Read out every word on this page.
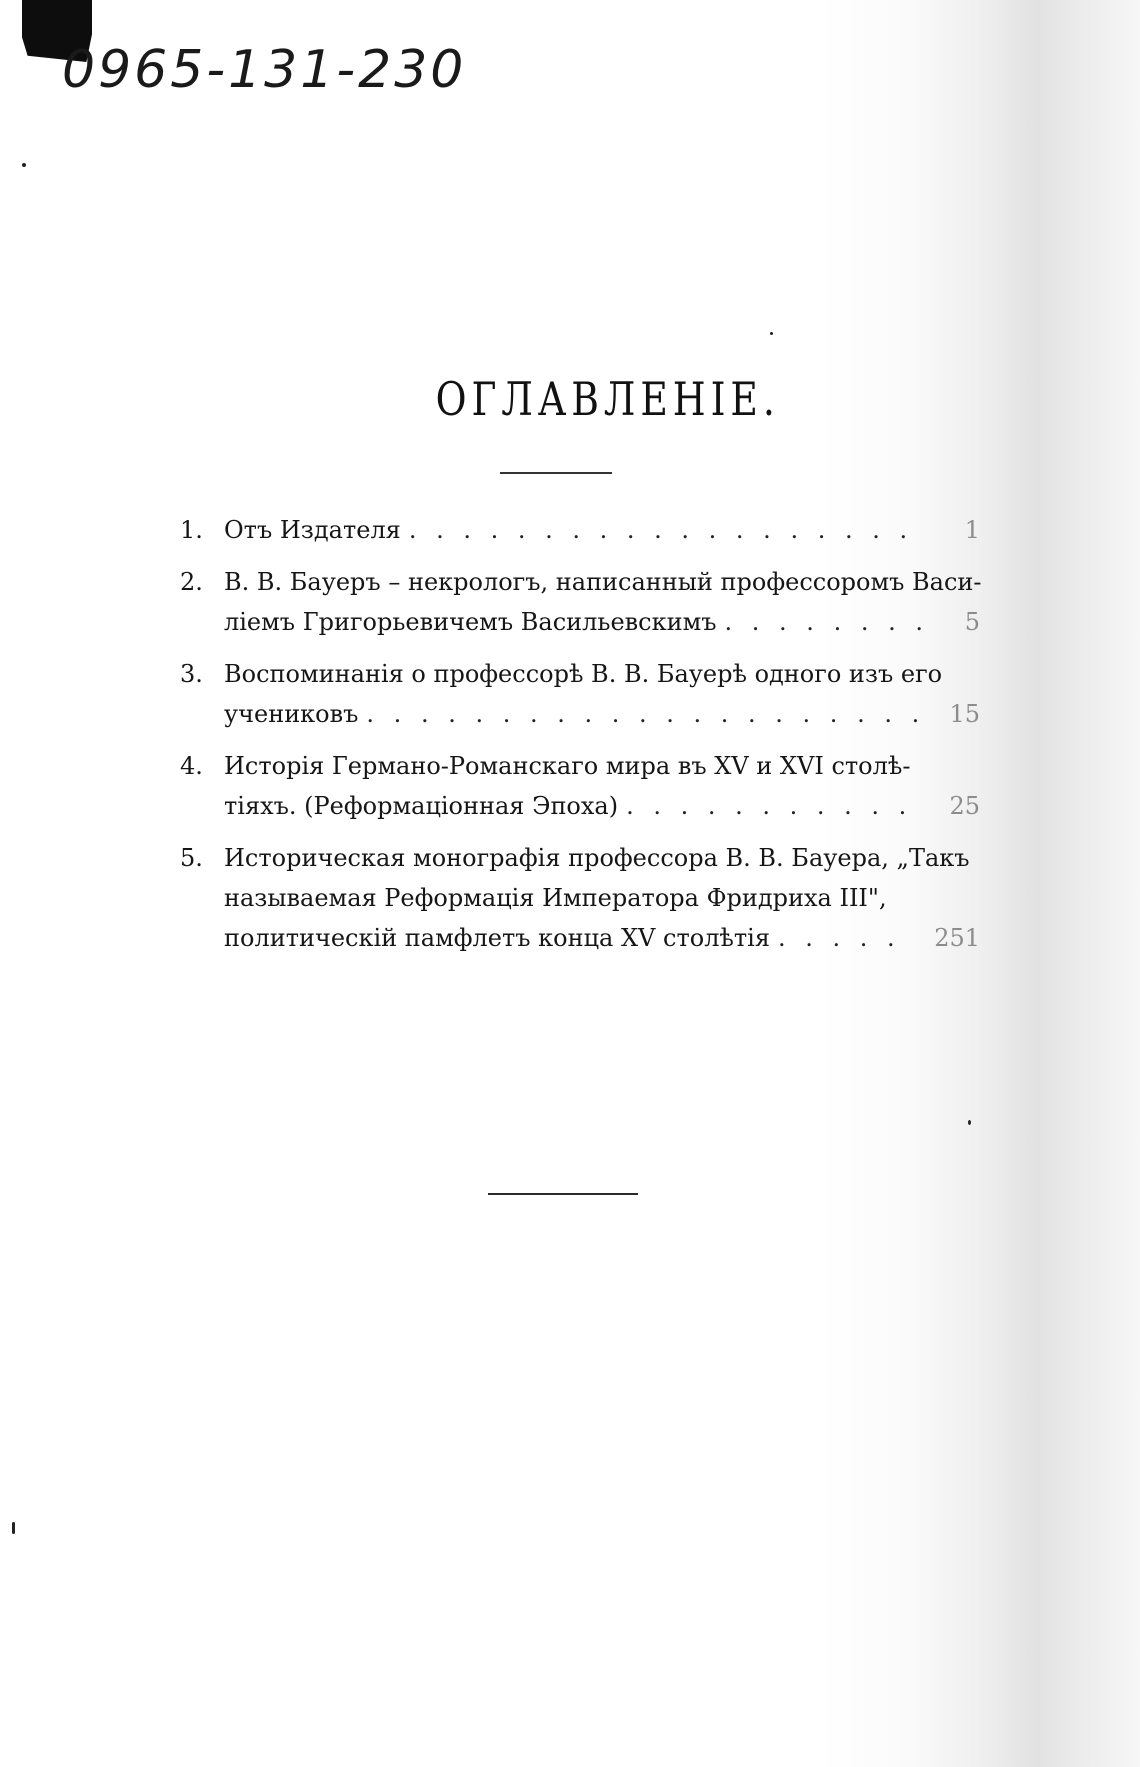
0965-131-230
ОГЛАВЛЕНІЕ.
1. Отъ Издателя . . . . . . . . . . . . . . . . . . .	1
2. В. В. Бауеръ – некрологъ, написанный профессоромъ Васи-
ліемъ Григорьевичемъ Васильевскимъ . . . . . . . .	5
3. Воспоминанія о профессорѣ В. В. Бауерѣ одного изъ его
учениковъ . . . . . . . . . . . . . . . . . . . . .	15
4. Исторія Германо-Романскаго мира въ XV и XVI столѣ-
тіяхъ. (Реформаціонная Эпоха) . . . . . . . . . . .	25
5. Историческая монографія профессора В. В. Бауера, „Такъ
называемая Реформація Императора Фридриха III",
политическій памфлетъ конца XV столѣтія . . . . .	251
